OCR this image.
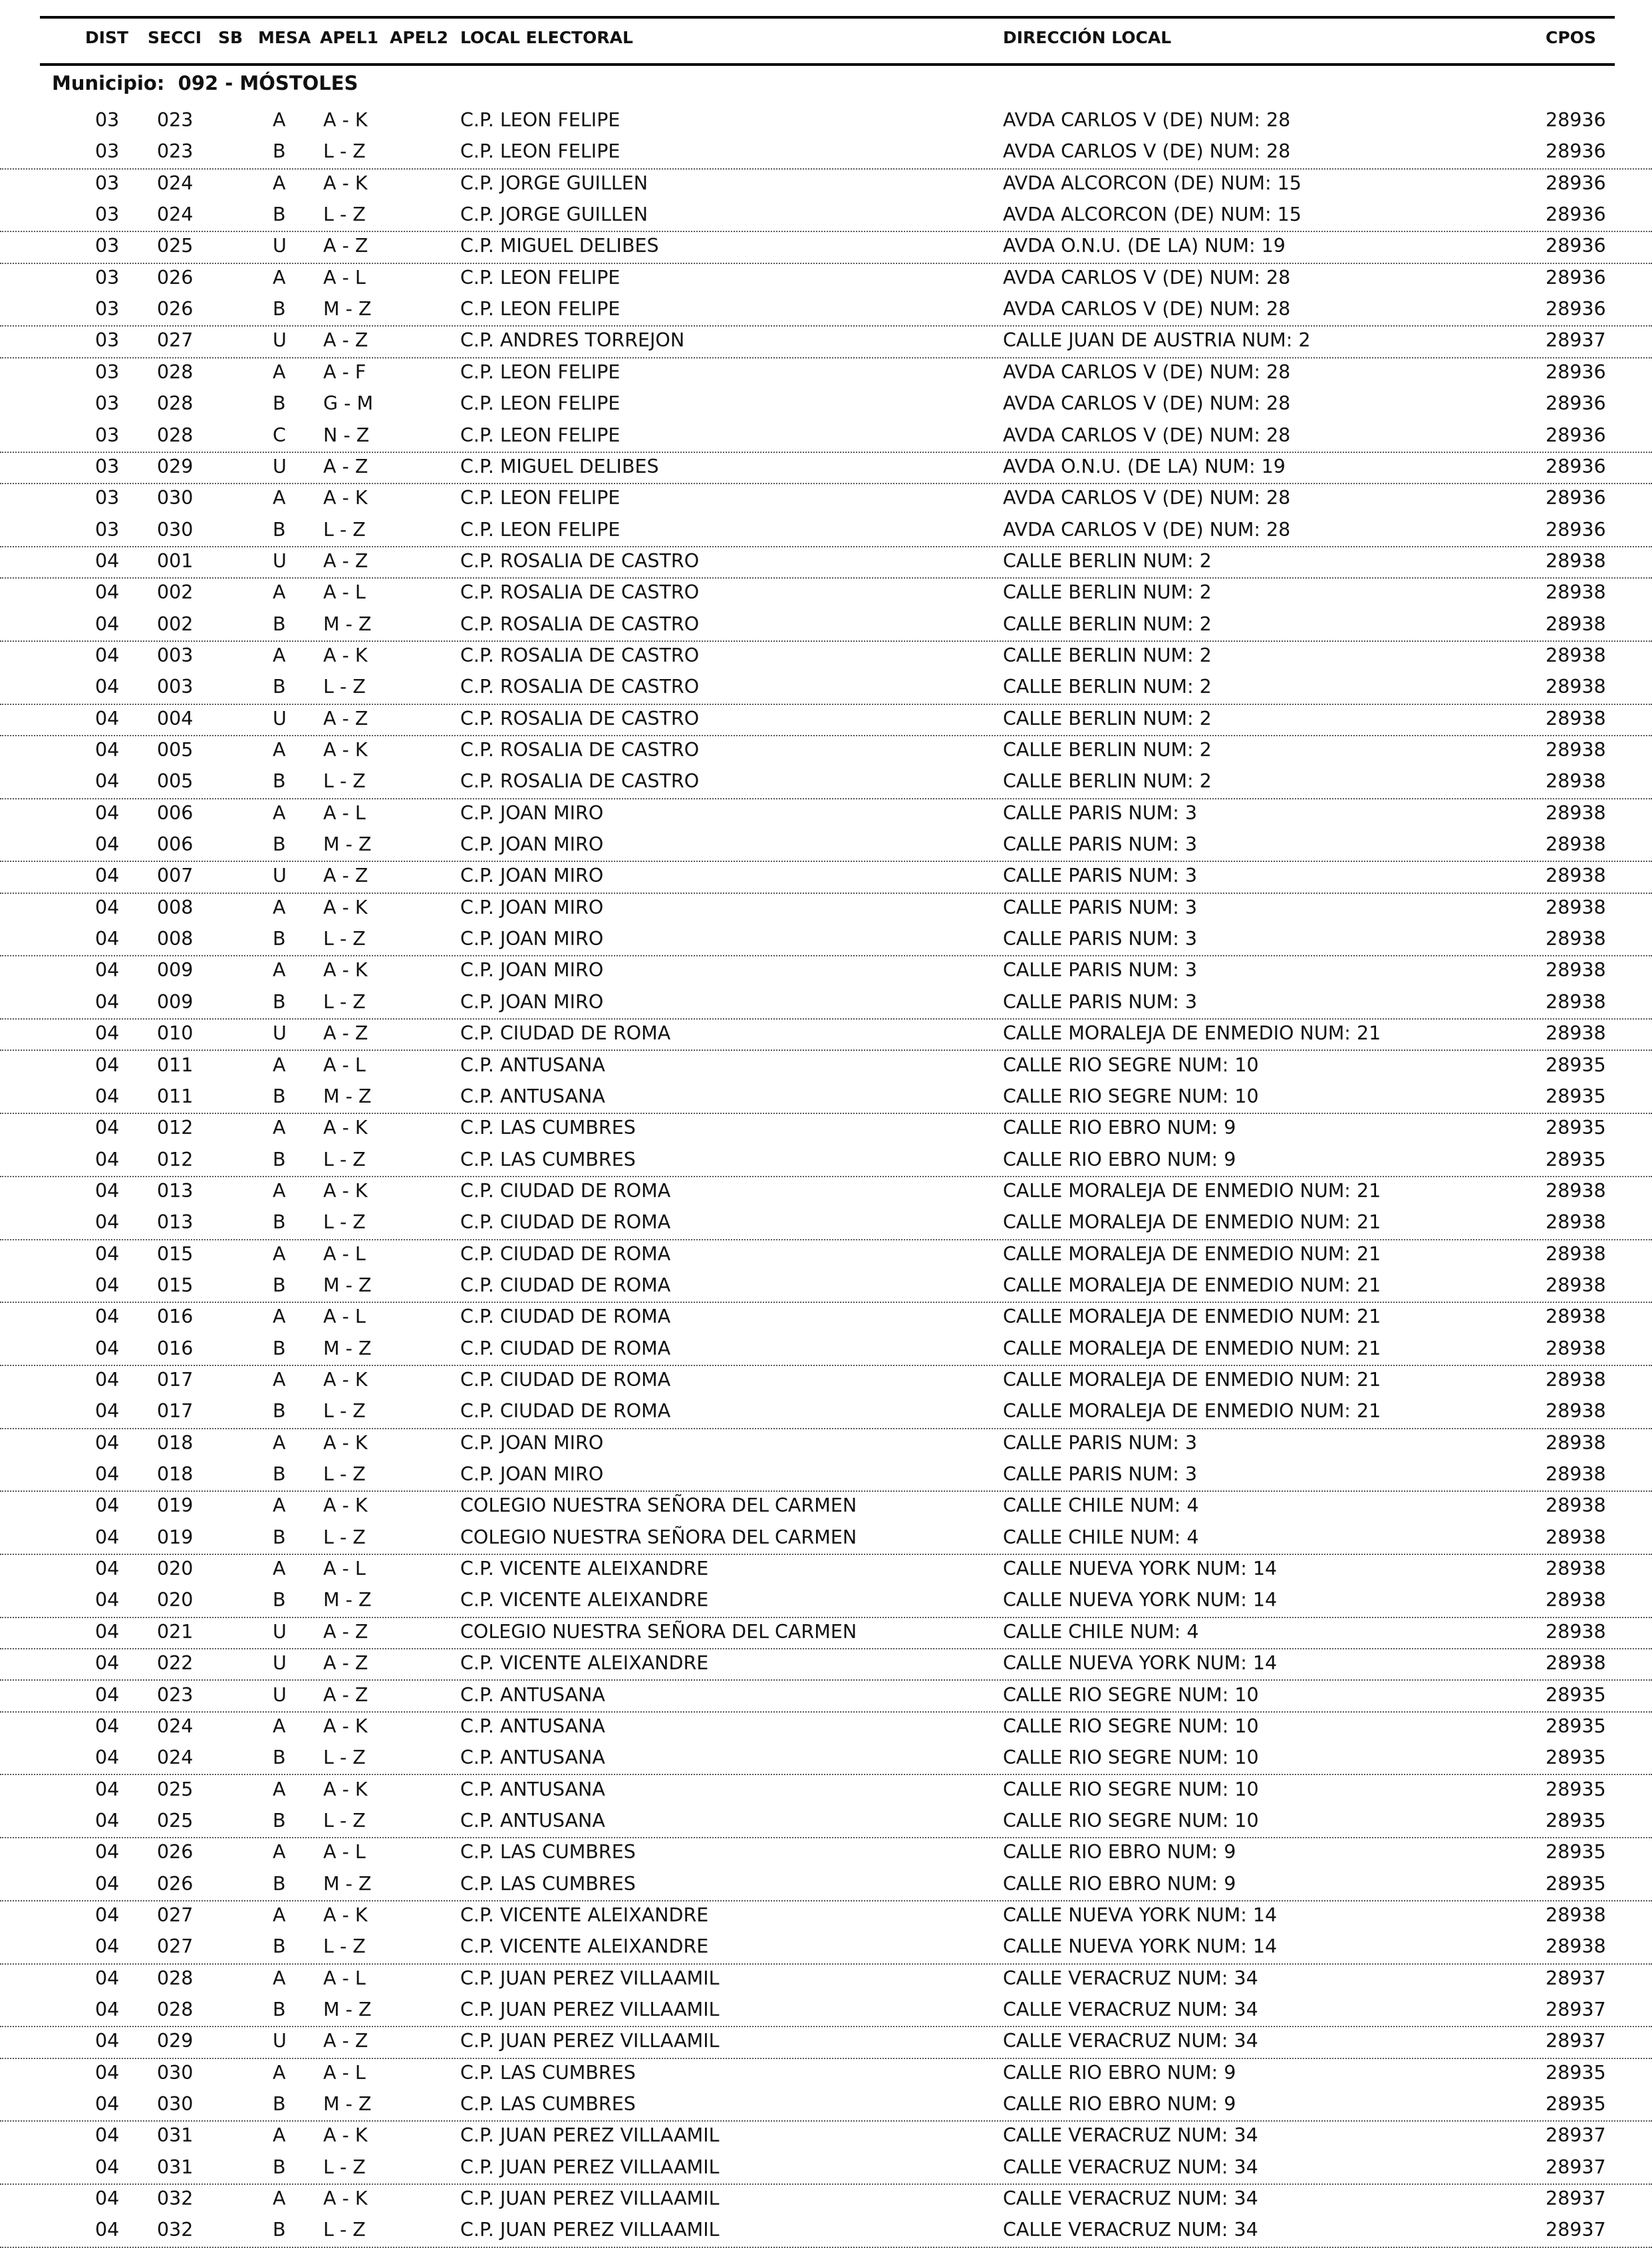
DIST SECCI SB MESA APEL1 APEL2 LOCAL ELECTORAL	DIRECCIÓN LOCAL	CPOS
Municipio: 092 - MÓSTOLES
03 023	A A - K	C.P. LEON FELIPE	AVDA CARLOS V (DE) NUM: 28	28936
03 023	B L - Z	C.P. LEON FELIPE	AVDA CARLOS V (DE) NUM: 28	28936
03 024	A A - K	C.P. JORGE GUILLEN	AVDA ALCORCON (DE) NUM: 15	28936
03 024	B L - Z	C.P. JORGE GUILLEN	AVDA ALCORCON (DE) NUM: 15	28936
03 025	U A - Z	C.P. MIGUEL DELIBES	AVDA O.N.U. (DE LA) NUM: 19	28936
03 026	A A - L	C.P. LEON FELIPE	AVDA CARLOS V (DE) NUM: 28	28936
03 026	B M - Z	C.P. LEON FELIPE	AVDA CARLOS V (DE) NUM: 28	28936
03 027	U A - Z	C.P. ANDRES TORREJON	CALLE JUAN DE AUSTRIA NUM: 2	28937
03 028	A A - F	C.P. LEON FELIPE	AVDA CARLOS V (DE) NUM: 28	28936
03 028	B G - M	C.P. LEON FELIPE	AVDA CARLOS V (DE) NUM: 28	28936
03 028	C N - Z	C.P. LEON FELIPE	AVDA CARLOS V (DE) NUM: 28	28936
03 029	U A - Z	C.P. MIGUEL DELIBES	AVDA O.N.U. (DE LA) NUM: 19	28936
03 030	A A - K	C.P. LEON FELIPE	AVDA CARLOS V (DE) NUM: 28	28936
03 030	B L - Z	C.P. LEON FELIPE	AVDA CARLOS V (DE) NUM: 28	28936
04 001	U A - Z	C.P. ROSALIA DE CASTRO	CALLE BERLIN NUM: 2	28938
04 002	A A - L	C.P. ROSALIA DE CASTRO	CALLE BERLIN NUM: 2	28938
04 002	B M - Z	C.P. ROSALIA DE CASTRO	CALLE BERLIN NUM: 2	28938
04 003	A A - K	C.P. ROSALIA DE CASTRO	CALLE BERLIN NUM: 2	28938
04 003	B L - Z	C.P. ROSALIA DE CASTRO	CALLE BERLIN NUM: 2	28938
04 004	U A - Z	C.P. ROSALIA DE CASTRO	CALLE BERLIN NUM: 2	28938
04 005	A A - K	C.P. ROSALIA DE CASTRO	CALLE BERLIN NUM: 2	28938
04 005	B L - Z	C.P. ROSALIA DE CASTRO	CALLE BERLIN NUM: 2	28938
04 006	A A - L	C.P. JOAN MIRO	CALLE PARIS NUM: 3	28938
04 006	B M - Z	C.P. JOAN MIRO	CALLE PARIS NUM: 3	28938
04 007	U A - Z	C.P. JOAN MIRO	CALLE PARIS NUM: 3	28938
04 008	A A - K	C.P. JOAN MIRO	CALLE PARIS NUM: 3	28938
04 008	B L - Z	C.P. JOAN MIRO	CALLE PARIS NUM: 3	28938
04 009	A A - K	C.P. JOAN MIRO	CALLE PARIS NUM: 3	28938
04 009	B L - Z	C.P. JOAN MIRO	CALLE PARIS NUM: 3	28938
04 010	U A - Z	C.P. CIUDAD DE ROMA	CALLE MORALEJA DE ENMEDIO NUM: 21	28938
04 011	A A - L	C.P. ANTUSANA	CALLE RIO SEGRE NUM: 10	28935
04 011	B M - Z	C.P. ANTUSANA	CALLE RIO SEGRE NUM: 10	28935
04 012	A A - K	C.P. LAS CUMBRES	CALLE RIO EBRO NUM: 9	28935
04 012	B L - Z	C.P. LAS CUMBRES	CALLE RIO EBRO NUM: 9	28935
04 013	A A - K	C.P. CIUDAD DE ROMA	CALLE MORALEJA DE ENMEDIO NUM: 21	28938
04 013	B L - Z	C.P. CIUDAD DE ROMA	CALLE MORALEJA DE ENMEDIO NUM: 21	28938
04 015	A A - L	C.P. CIUDAD DE ROMA	CALLE MORALEJA DE ENMEDIO NUM: 21	28938
04 015	B M - Z	C.P. CIUDAD DE ROMA	CALLE MORALEJA DE ENMEDIO NUM: 21	28938
04 016	A A - L	C.P. CIUDAD DE ROMA	CALLE MORALEJA DE ENMEDIO NUM: 21	28938
04 016	B M - Z	C.P. CIUDAD DE ROMA	CALLE MORALEJA DE ENMEDIO NUM: 21	28938
04 017	A A - K	C.P. CIUDAD DE ROMA	CALLE MORALEJA DE ENMEDIO NUM: 21	28938
04 017	B L - Z	C.P. CIUDAD DE ROMA	CALLE MORALEJA DE ENMEDIO NUM: 21	28938
04 018	A A - K	C.P. JOAN MIRO	CALLE PARIS NUM: 3	28938
04 018	B L - Z	C.P. JOAN MIRO	CALLE PARIS NUM: 3	28938
04 019	A A - K	COLEGIO NUESTRA SEÑORA DEL CARMEN	CALLE CHILE NUM: 4	28938
04 019	B L - Z	COLEGIO NUESTRA SEÑORA DEL CARMEN	CALLE CHILE NUM: 4	28938
04 020	A A - L	C.P. VICENTE ALEIXANDRE	CALLE NUEVA YORK NUM: 14	28938
04 020	B M - Z	C.P. VICENTE ALEIXANDRE	CALLE NUEVA YORK NUM: 14	28938
04 021	U A - Z	COLEGIO NUESTRA SEÑORA DEL CARMEN	CALLE CHILE NUM: 4	28938
04 022	U A - Z	C.P. VICENTE ALEIXANDRE	CALLE NUEVA YORK NUM: 14	28938
04 023	U A - Z	C.P. ANTUSANA	CALLE RIO SEGRE NUM: 10	28935
04 024	A A - K	C.P. ANTUSANA	CALLE RIO SEGRE NUM: 10	28935
04 024	B L - Z	C.P. ANTUSANA	CALLE RIO SEGRE NUM: 10	28935
04 025	A A - K	C.P. ANTUSANA	CALLE RIO SEGRE NUM: 10	28935
04 025	B L - Z	C.P. ANTUSANA	CALLE RIO SEGRE NUM: 10	28935
04 026	A A - L	C.P. LAS CUMBRES	CALLE RIO EBRO NUM: 9	28935
04 026	B M - Z	C.P. LAS CUMBRES	CALLE RIO EBRO NUM: 9	28935
04 027	A A - K	C.P. VICENTE ALEIXANDRE	CALLE NUEVA YORK NUM: 14	28938
04 027	B L - Z	C.P. VICENTE ALEIXANDRE	CALLE NUEVA YORK NUM: 14	28938
04 028	A A - L	C.P. JUAN PEREZ VILLAAMIL	CALLE VERACRUZ NUM: 34	28937
04 028	B M - Z	C.P. JUAN PEREZ VILLAAMIL	CALLE VERACRUZ NUM: 34	28937
04 029	U A - Z	C.P. JUAN PEREZ VILLAAMIL	CALLE VERACRUZ NUM: 34	28937
04 030	A A - L	C.P. LAS CUMBRES	CALLE RIO EBRO NUM: 9	28935
04 030	B M - Z	C.P. LAS CUMBRES	CALLE RIO EBRO NUM: 9	28935
04 031	A A - K	C.P. JUAN PEREZ VILLAAMIL	CALLE VERACRUZ NUM: 34	28937
04 031	B L - Z	C.P. JUAN PEREZ VILLAAMIL	CALLE VERACRUZ NUM: 34	28937
04 032	A A - K	C.P. JUAN PEREZ VILLAAMIL	CALLE VERACRUZ NUM: 34	28937
04 032	B L - Z	C.P. JUAN PEREZ VILLAAMIL	CALLE VERACRUZ NUM: 34	28937
